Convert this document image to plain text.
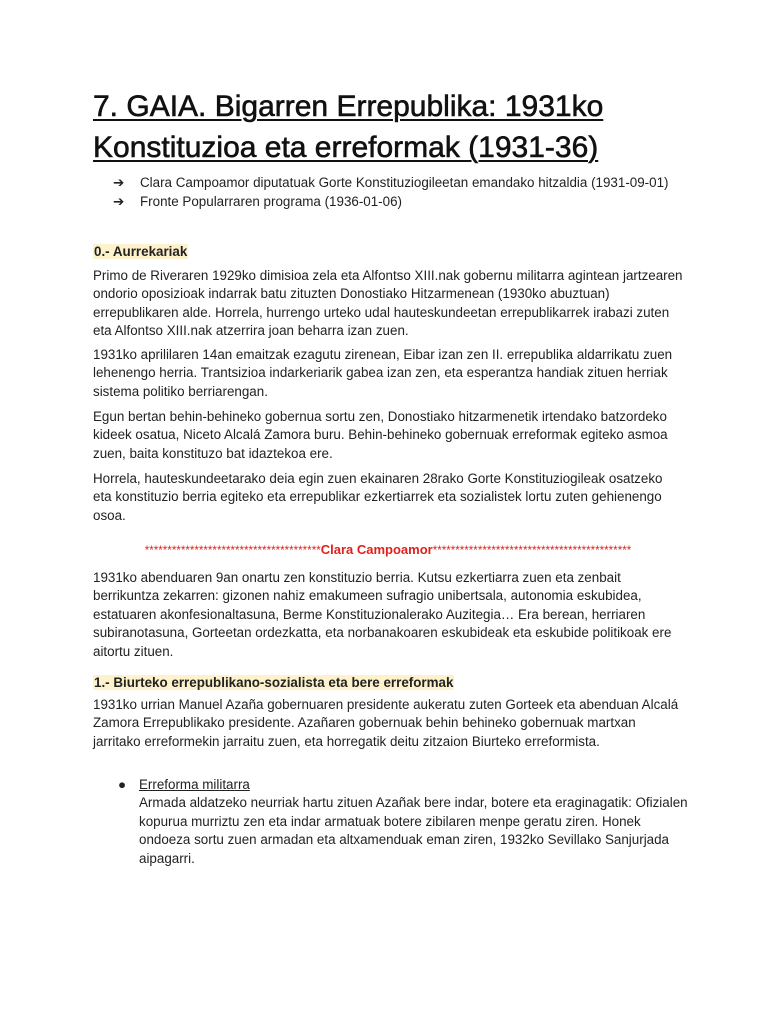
7. GAIA. Bigarren Errepublika: 1931ko Konstituzioa eta erreformak (1931-36)
➔ Clara Campoamor diputatuak Gorte Konstituziogileetan emandako hitzaldia (1931-09-01)
➔ Fronte Popularraren programa (1936-01-06)

0.- Aurrekariak

Primo de Riveraren 1929ko dimisioa zela eta Alfontso XIII.nak gobernu militarra agintean jartzearen ondorio oposizioak indarrak batu zituzten Donostiako Hitzarmenean (1930ko abuztuan) errepublikaren alde. Horrela, hurrengo urteko udal hauteskundeetan errepublikarrek irabazi zuten eta Alfontso XIII.nak atzerrira joan beharra izan zuen.

1931ko aprililaren 14an emaitzak ezagutu zirenean, Eibar izan zen II. errepublika aldarrikatu zuen lehenengo herria. Trantsizioa indarkeriarik gabea izan zen, eta esperantza handiak zituen herriak sistema politiko berriarengan.

Egun bertan behin-behineko gobernua sortu zen, Donostiako hitzarmenetik irtendako batzordeko kideek osatua, Niceto Alcalá Zamora buru. Behin-behineko gobernuak erreformak egiteko asmoa zuen, baita konstituzo bat idaztekoa ere.

Horrela, hauteskundeetarako deia egin zuen ekainaren 28rako Gorte Konstituziogileak osatzeko eta konstituzio berria egiteko eta errepublikar ezkertiarrek eta sozialistek lortu zuten gehienengo osoa.

***************************************Clara Campoamor********************************************

1931ko abenduaren 9an onartu zen konstituzio berria. Kutsu ezkertiarra zuen eta zenbait berrikuntza zekarren: gizonen nahiz emakumeen sufragio unibertsala, autonomia eskubidea, estatuaren akonfesionaltasuna, Berme Konstituzionalerako Auzitegia… Era berean, herriaren subiranotasuna, Gorteetan ordezkatta, eta norbanakoaren eskubideak eta eskubide politikoak ere aitortu zituen.

1.- Biurteko errepublikano-sozialista eta bere erreformak

1931ko urrian Manuel Azaña gobernuaren presidente aukeratu zuten Gorteek eta abenduan Alcalá Zamora Errepublikako presidente. Azañaren gobernuak behin behineko gobernuak martxan jarritako erreformekin jarraitu zuen, eta horregatik deitu zitzaion Biurteko erreformista.

● Erreforma militarra
Armada aldatzeko neurriak hartu zituen Azañak bere indar, botere eta eraginagatik: Ofizialen kopurua murriztu zen eta indar armatuak botere zibilaren menpe geratu ziren. Honek ondoeza sortu zuen armadan eta altxamenduak eman ziren, 1932ko Sevillako Sanjurjada aipagarri.
